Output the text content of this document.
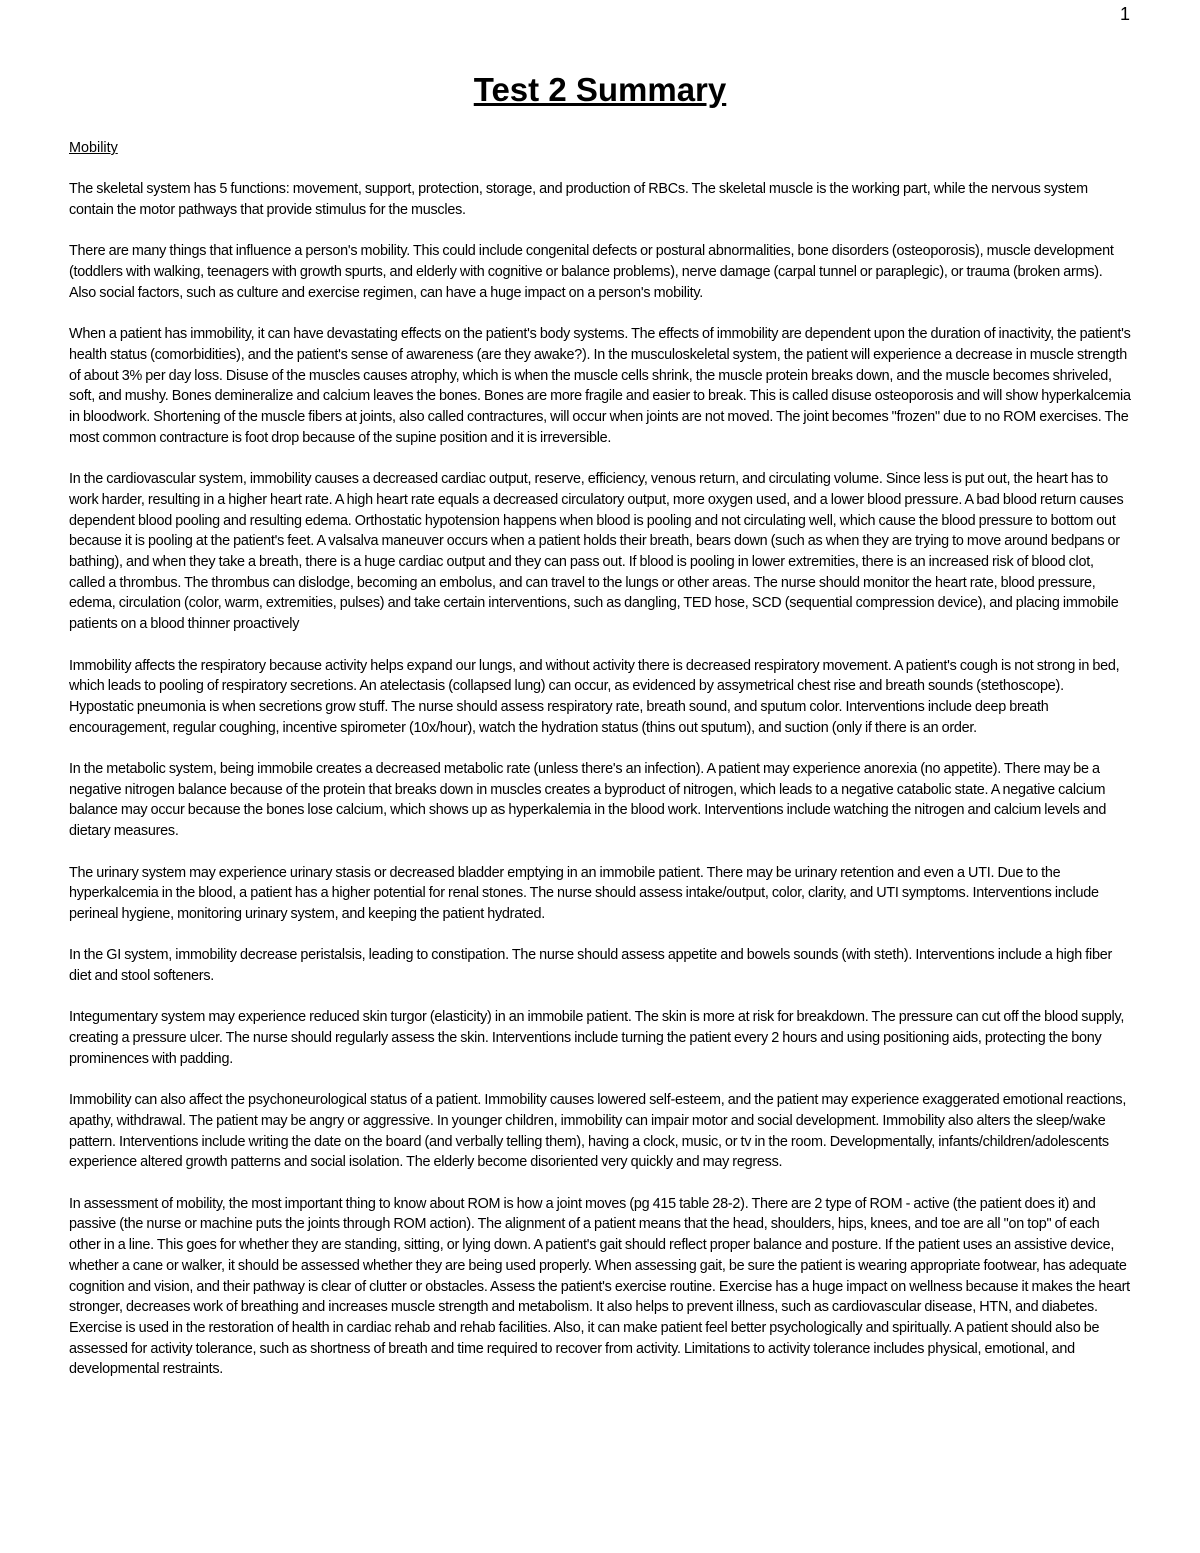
1
Test 2 Summary
Mobility

The skeletal system has 5 functions: movement, support, protection, storage, and production of RBCs. The skeletal muscle is the working part, while the nervous system contain the motor pathways that provide stimulus for the muscles.

There are many things that influence a person's mobility. This could include congenital defects or postural abnormalities, bone disorders (osteoporosis), muscle development (toddlers with walking, teenagers with growth spurts, and elderly with cognitive or balance problems), nerve damage (carpal tunnel or paraplegic), or trauma (broken arms). Also social factors, such as culture and exercise regimen, can have a huge impact on a person's mobility.

When a patient has immobility, it can have devastating effects on the patient's body systems. The effects of immobility are dependent upon the duration of inactivity, the patient's health status (comorbidities), and the patient's sense of awareness (are they awake?). In the musculoskeletal system, the patient will experience a decrease in muscle strength of about 3% per day loss. Disuse of the muscles causes atrophy, which is when the muscle cells shrink, the muscle protein breaks down, and the muscle becomes shriveled, soft, and mushy. Bones demineralize and calcium leaves the bones. Bones are more fragile and easier to break. This is called disuse osteoporosis and will show hyperkalcemia in bloodwork. Shortening of the muscle fibers at joints, also called contractures, will occur when joints are not moved. The joint becomes "frozen" due to no ROM exercises. The most common contracture is foot drop because of the supine position and it is irreversible.

In the cardiovascular system, immobility causes a decreased cardiac output, reserve, efficiency, venous return, and circulating volume. Since less is put out, the heart has to work harder, resulting in a higher heart rate. A high heart rate equals a decreased circulatory output, more oxygen used, and a lower blood pressure. A bad blood return causes dependent blood pooling and resulting edema. Orthostatic hypotension happens when blood is pooling and not circulating well, which cause the blood pressure to bottom out because it is pooling at the patient's feet. A valsalva maneuver occurs when a patient holds their breath, bears down (such as when they are trying to move around bedpans or bathing), and when they take a breath, there is a huge cardiac output and they can pass out. If blood is pooling in lower extremities, there is an increased risk of blood clot, called a thrombus. The thrombus can dislodge, becoming an embolus, and can travel to the lungs or other areas. The nurse should monitor the heart rate, blood pressure, edema, circulation (color, warm, extremities, pulses) and take certain interventions, such as dangling, TED hose, SCD (sequential compression device), and placing immobile patients on a blood thinner proactively

Immobility affects the respiratory because activity helps expand our lungs, and without activity there is decreased respiratory movement. A patient's cough is not strong in bed, which leads to pooling of respiratory secretions. An atelectasis (collapsed lung) can occur, as evidenced by assymetrical chest rise and breath sounds (stethoscope). Hypostatic pneumonia is when secretions grow stuff. The nurse should assess respiratory rate, breath sound, and sputum color. Interventions include deep breath encouragement, regular coughing, incentive spirometer (10x/hour), watch the hydration status (thins out sputum), and suction (only if there is an order.

In the metabolic system, being immobile creates a decreased metabolic rate (unless there's an infection). A patient may experience anorexia (no appetite). There may be a negative nitrogen balance because of the protein that breaks down in muscles creates a byproduct of nitrogen, which leads to a negative catabolic state. A negative calcium balance may occur because the bones lose calcium, which shows up as hyperkalemia in the blood work. Interventions include watching the nitrogen and calcium levels and dietary measures.

The urinary system may experience urinary stasis or decreased bladder emptying in an immobile patient. There may be urinary retention and even a UTI. Due to the hyperkalcemia in the blood, a patient has a higher potential for renal stones. The nurse should assess intake/output, color, clarity, and UTI symptoms. Interventions include perineal hygiene, monitoring urinary system, and keeping the patient hydrated.

In the GI system, immobility decrease peristalsis, leading to constipation. The nurse should assess appetite and bowels sounds (with steth). Interventions include a high fiber diet and stool softeners.

Integumentary system may experience reduced skin turgor (elasticity) in an immobile patient. The skin is more at risk for breakdown. The pressure can cut off the blood supply, creating a pressure ulcer. The nurse should regularly assess the skin. Interventions include turning the patient every 2 hours and using positioning aids, protecting the bony prominences with padding.

Immobility can also affect the psychoneurological status of a patient. Immobility causes lowered self-esteem, and the patient may experience exaggerated emotional reactions, apathy, withdrawal. The patient may be angry or aggressive. In younger children, immobility can impair motor and social development. Immobility also alters the sleep/wake pattern. Interventions include writing the date on the board (and verbally telling them), having a clock, music, or tv in the room. Developmentally, infants/children/adolescents experience altered growth patterns and social isolation. The elderly become disoriented very quickly and may regress.

In assessment of mobility, the most important thing to know about ROM is how a joint moves (pg 415 table 28-2). There are 2 type of ROM - active (the patient does it) and passive (the nurse or machine puts the joints through ROM action). The alignment of a patient means that the head, shoulders, hips, knees, and toe are all "on top" of each other in a line. This goes for whether they are standing, sitting, or lying down. A patient's gait should reflect proper balance and posture. If the patient uses an assistive device, whether a cane or walker, it should be assessed whether they are being used properly. When assessing gait, be sure the patient is wearing appropriate footwear, has adequate cognition and vision, and their pathway is clear of clutter or obstacles. Assess the patient's exercise routine. Exercise has a huge impact on wellness because it makes the heart stronger, decreases work of breathing and increases muscle strength and metabolism. It also helps to prevent illness, such as cardiovascular disease, HTN, and diabetes. Exercise is used in the restoration of health in cardiac rehab and rehab facilities. Also, it can make patient feel better psychologically and spiritually. A patient should also be assessed for activity tolerance, such as shortness of breath and time required to recover from activity. Limitations to activity tolerance includes physical, emotional, and developmental restraints.
